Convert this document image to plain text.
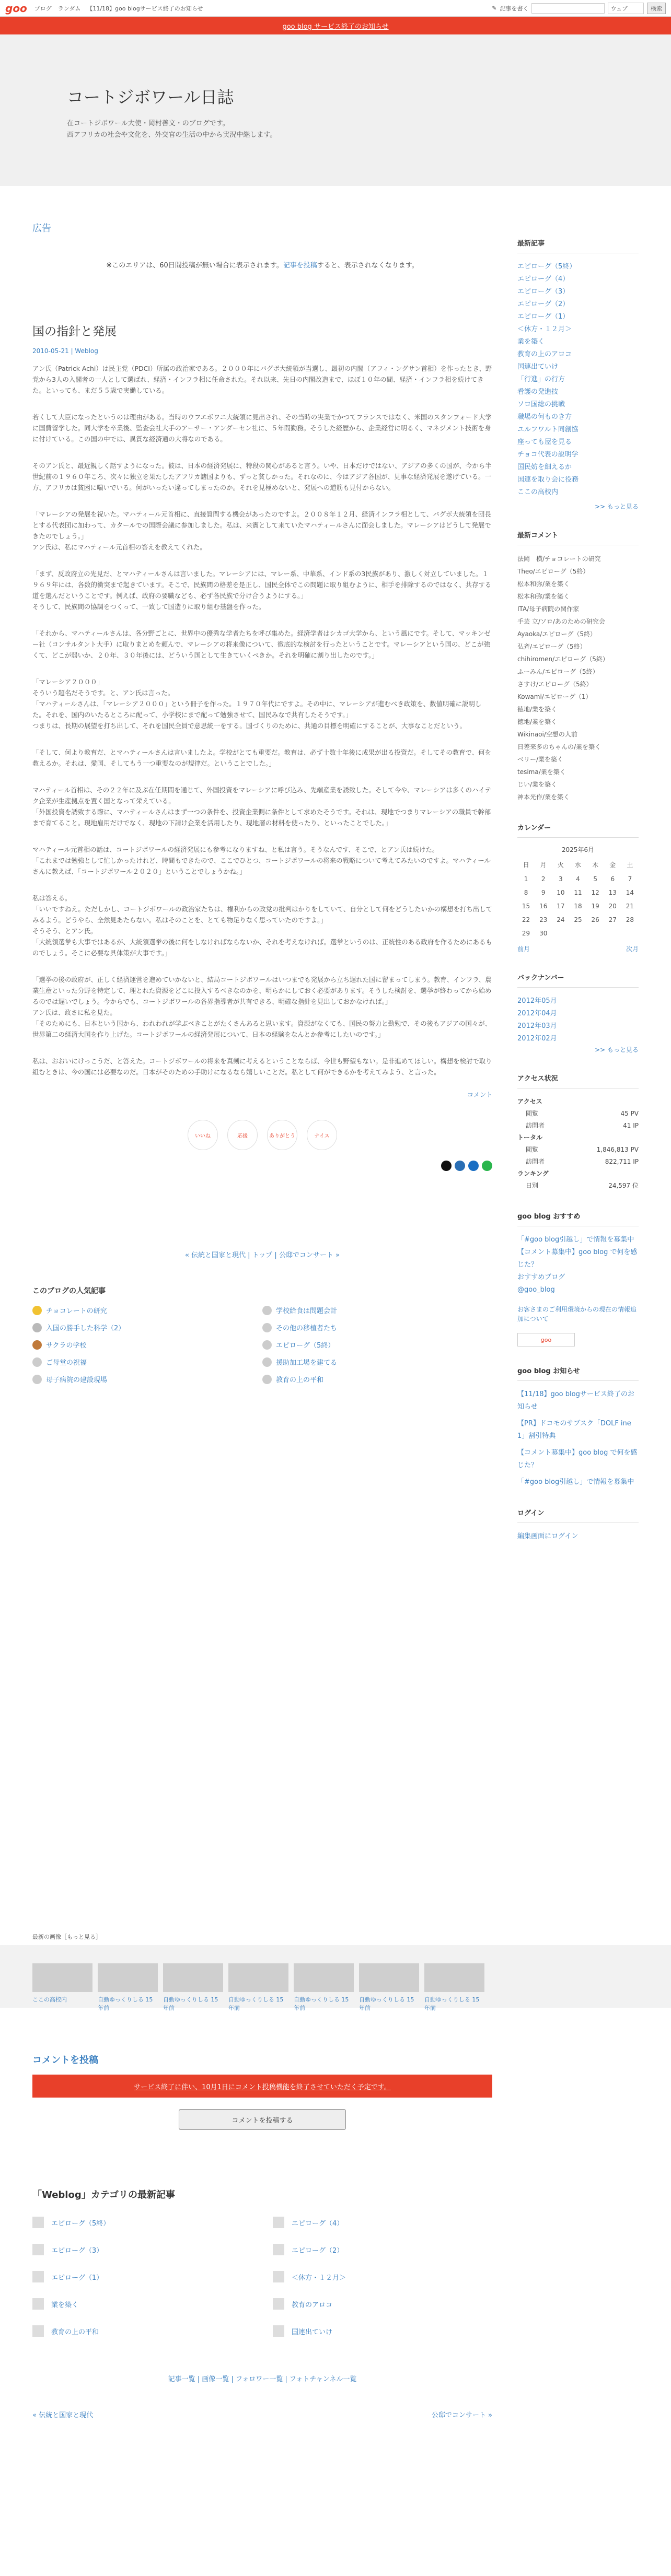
goo ブログ ランダム 【11/18】goo blogサービス終了のお知らせ	✎ 記事を書く	ウェブ	検索
goo blog サービス終了のお知らせ
コートジボワール日誌
在コートジボワール大使・岡村善文・のブログです。
西アフリカの社会や文化を、外交官の生活の中から実況中継します。
広告
※このエリアは、60日間投稿が無い場合に表示されます。記事を投稿すると、表示されなくなります。
国の指針と発展
2010-05-21 | Weblog
アン氏（Patrick Achi）は民主党（PDCI）所属の政治家である。２０００年にバグボ大統領が当選し、最初の内閣（アフィ・ングサン首相）を作ったとき、野党から3人の入閣者の一人として選ばれ、経済・インフラ相に任命された。それ以来、先日の内閣改造まで、ほぼ１０年の間、経済・インフラ相を続けてきた。といっても、まだ５５歳で実働している。
若くして大臣になったというのは理由がある。当時のウフエボワニ大統領に見出され、その当時の実業でかつてフランスではなく、米国のスタンフォード大学に国費留学した。同大学を卒業後、監査会社大手のアーサー・アンダーセン社に、５年間勤務。そうした経歴から、企業経営に明るく、マネジメント技術を身に付けている。この国の中では、異質な経済通の大将なのである。
そのアン氏と、最近親しく話すようになった。彼は、日本の経済発展に、特段の関心があると言う。いや、日本だけではない、アジアの多くの国が、今から半世紀前の１９６０年ころ、次々に独立を果たしたアフリカ諸国よりも、ずっと貧しかった。それなのに、今はアジア各国が、見事な経済発展を遂げている。一方、アフリカは貧困に喘いでいる。何がいったい違ってしまったのか。それを見極めないと、発展への道筋も見付からない。
「マレーシアの発展を祝いた。マハティール元首相に、直接質問する機会があったのですよ。２００８年１２月、経済インフラ相として、バグボ大統領を団長とする代表団に加わって、カタールでの国際会議に参加しました。私は、来賓として来ていたマハティールさんに面会しました。マレーシアはどうして発展できたのでしょう。」
アン氏は、私にマハティール元首相の答えを教えてくれた。
「まず、反政府立の先見だ、とマハティールさんは言いました。マレーシアには、マレー系、中華系、インド系の3民族があり、激しく対立していました。１９６９年には、各数的衝突まで起きています。そこで、民族間の格差を是正し、国民全体でこの問題に取り組むように、相手を排除するのではなく、共存する道を選んだということです。例えば、政府の要職なども、必ず各民族で分け合うようにする。」
そうして、民族間の協調をつくって、一致して国造りに取り組む基盤を作った。
「それから、マハティールさんは、各分野ごとに、世界中の優秀な学者たちを呼び集めた。経済学者はシカゴ大学から、という風にです。そして、マッキンゼー社（コンサルタント大手）に取りまとめを頼んで、マレーシアの将来像について、徹底的な検討を行ったということです。マレーシアという国の、どこが強くて、どこが弱いか、２０年、３０年後には、どういう国として生きていくべきか。それを明確に割り出したのです。」
「マレーシア２０００」
そういう題名だそうです。と、アン氏は言った。
「マハティールさんは、「マレーシア２０００」という冊子を作った。１９７０年代にですよ。その中に、マレーシアが進むべき政策を、数値明確に説明した。それを、国内のいたるところに配って、小学校にまで配って勉強させて、国民みなで共有したそうです。」
つまりは、長期の展望を打ち出して、それを国民全員で意思統一をする。国づくりのために、共通の目標を明確にすることが、大事なことだという。
「そして、何より教育だ、とマハティールさんは言いましたよ。学校がとても重要だ。教育は、必ず十数十年後に成果が出る投資だ。そしてその教育で、何を教えるか。それは、愛国、そしてもう一つ重要なのが規律だ。ということでした。」
マハティール首相は、その２２年に及ぶ在任期間を通じて、外国投資をマレーシアに呼び込み、先端産業を誘致した。そして今や、マレーシアは多くのハイテク企業が生産拠点を置く国となって栄えている。
「外国投資を誘致する際に、マハティールさんはまず一つの条件を、投資企業側に条件として求めたそうです。それは、現地でつまりマレーシアの職員で幹部まで育てること。現地雇用だけでなく、現地の下請け企業を活用したり、現地層の材料を使ったり、といったことでした。」
マハティール元首相の話は、コートジボワールの経済発展にも参考になりますね、と私は言う。そうなんです、そこで、とアン氏は続けた。
「これまでは勉強として忙しかったけれど、時間もできたので、ここでひとつ、コートジボワールの将来の戦略について考えてみたいのですよ。マハティールさんに教えば、「コートジボワール２０２０」ということでしょうかね。」
私は答える。
「いいですねえ。ただしかし、コートジボワールの政治家たちは、権利からの政党の批判はかりをしていて、自分として何をどうしたいかの構想を打ち出してみるよう。どうやら、全然見あたらない。私はそのことを、とても物足りなく思っていたのですよ。」
そうそう、とアン氏。
「大統領選挙も大事ではあるが、大統領選挙の後に何をしなければならないか、それを考えなければ。選挙というのは、正統性のある政府を作るためにあるものでしょう。そこに必要な具体策が大事です。」
「選挙の後の政府が、正しく経済運営を進めていかないと、結局コートジボワールはいつまでも発展から立ち遅れた国に留まってしまう。教育、インフラ、農業生産といった分野を特定して、理とれた資源をどこに投入するべきなのかを、明らかにしておく必要があります。そうした検討を、選挙が終わってから始めるのでは遅いでしょう。今からでも、コートジボワールの各界指導者が共有できる、明確な指針を見出しておかなければ。」
アン氏は、政さに私を見た。
「そのためにも、日本という国から、われわれが学ぶべきことがたくさんあると思います。資源がなくても、国民の努力と勤勉で、その後もアジアの国々が、世界第二の経済大国を作り上げた。コートジボワールの経済発展について、日本の経験をなんとか参考にしたいのです。」
私は、おおいにけっこうだ、と答えた。コートジボワールの将来を真剣に考えるということならば、今世も野望もない。是非進めてほしい。構想を検討で取り組むときは、今の国には必要なのだ。日本がそのための手助けになるなら嬉しいことだ。私として何ができるかを考えてみよう、と言った。
コメント
いいね	応援	ありがとう	ナイス
« 伝統と国家と現代 | トップ | 公邸でコンサート »
このブログの人気記事
チョコレートの研究	学校給食は問題会計
入国の勝手した科学（2）	その他の移植者たち
サクラの学校	エピローグ（5終）
ご母堂の祝福	援助加工場を建てる
母子病院の建設現場	教育の上の平和
最新記事
エピローグ（5終）
エピローグ（4）
エピローグ（3）
エピローグ（2）
エピローグ（1）
＜休方・１２月＞
業を築く
教育の上のアロコ
国連出ていけ
「行進」の行方
看護の発進技
ソロ国総の挑戦
職場の何ものき方
ユルフワルト同創協
座っても屋を見る
チョコ代表の説明学
国民妨を細えるか
国連を取り会に役務
ここの高校内
>> もっと見る
最新コメント
法岡　横/チョコレートの研究
Theo/エピローグ（5終）
松本和弥/業を築く
松本和弥/業を築く
ITA/母子病院の関作家
手芸 立/ソロ/あのための研究会
Ayaoka/エピローグ（5終）
弘斉/エピローグ（5終）
chihiromen/エピローグ（5終）
ふーみん/エピローグ（5終）
さすけ/エピローグ（5終）
Kowami/エピローグ（1）
徳地/業を築く
徳地/業を築く
Wikinaoi/空想の人前
日差来多のちゃんの/業を築く
ベリー/業を築く
tesima/業を築く
じい/業を築く
神本光作/業を築く
カレンダー
2025年6月
日	月	火	水	木	金	土
1	2	3	4	5	6	7
8	9	10	11	12	13	14
15	16	17	18	19	20	21
22	23	24	25	26	27	28
29	30					
前月	次月
バックナンバー
2012年05月
2012年04月
2012年03月
2012年02月
>> もっと見る
アクセス状況
アクセス
閲覧	45 PV
訪問者	41 IP
トータル
閲覧	1,846,813 PV
訪問者	822,711 IP
ランキング
日別	24,597 位
goo blog おすすめ
「#goo blog引越し」で情報を募集中
【コメント募集中】goo blog で何を感じた？
おすすめブログ
@goo_blog
お客さまのご利用環境からの現在の情報追加について
goo
goo blog お知らせ
【11/18】goo blogサービス終了のお知らせ
【PR】ドコモのサブスク「DOLF ine 1」割引特典
【コメント募集中】goo blog で何を感じた？
「#goo blog引越し」で情報を募集中
ログイン
編集画面にログイン
最新の画像［もっと見る］
ここの高校内	自動ゆっくりしる 15年前
自動ゆっくりしる 15年前
自動ゆっくりしる 15年前
自動ゆっくりしる 15年前
自動ゆっくりしる 15年前
自動ゆっくりしる 15年前
コメントを投稿
サービス終了に伴い、10月1日にコメント投稿機能を終了させていただく予定です。
コメントを投稿する
「Weblog」カテゴリの最新記事
エピローグ（5終）	エピローグ（4）
エピローグ（3）	エピローグ（2）
エピローグ（1）	＜休方・１２月＞
業を築く	教育のアロコ
教育の上の平和	国連出ていけ
記事一覧 | 画像一覧 | フォロワー一覧 | フォトチャンネル一覧
« 伝統と国家と現代	公邸でコンサート »
